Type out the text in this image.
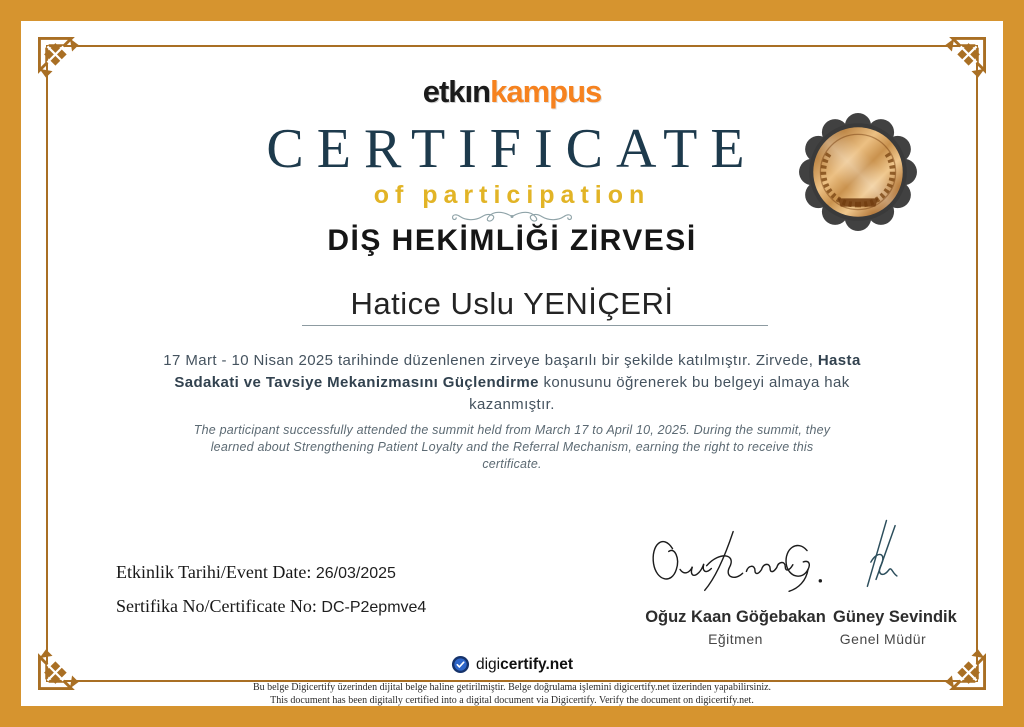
etkınkampus
CERTIFICATE
of participation
DİŞ HEKİMLİĞİ ZİRVESİ
Hatice Uslu YENİÇERİ
17 Mart - 10 Nisan 2025 tarihinde düzenlenen zirveye başarılı bir şekilde katılmıştır. Zirvede, Hasta Sadakati ve Tavsiye Mekanizmasını Güçlendirme konusunu öğrenerek bu belgeyi almaya hak kazanmıştır.
The participant successfully attended the summit held from March 17 to April 10, 2025. During the summit, they learned about Strengthening Patient Loyalty and the Referral Mechanism, earning the right to receive this certificate.
Etkinlik Tarihi/Event Date: 26/03/2025
Sertifika No/Certificate No: DC-P2epmve4
Oğuz Kaan Göğebakan
Eğitmen
Güney Sevindik
Genel Müdür
digicertify.net
Bu belge Digicertify üzerinden dijital belge haline getirilmiştir. Belge doğrulama işlemini digicertify.net üzerinden yapabilirsiniz.
This document has been digitally certified into a digital document via Digicertify. Verify the document on digicertify.net.
